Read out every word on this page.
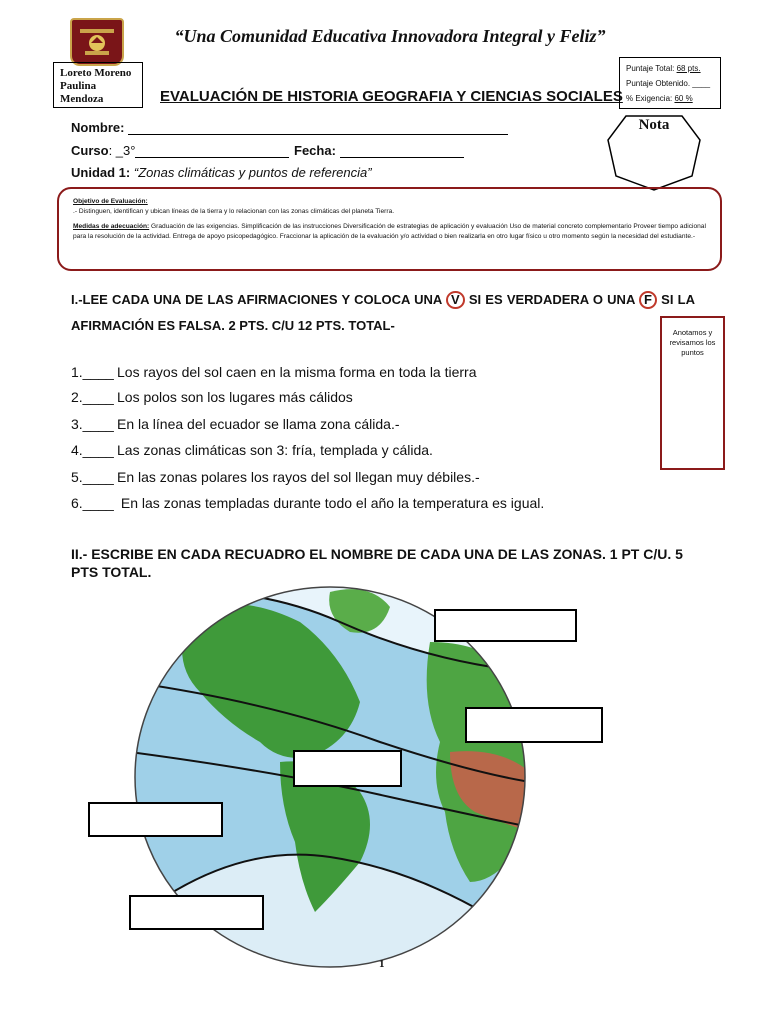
“Una Comunidad Educativa Innovadora Integral y Feliz”
Loreto Moreno
Paulina
Mendoza	EVALUACIÓN DE HISTORIA GEOGRAFIA Y CIENCIAS SOCIALES
Puntaje Total: 68 pts.
Puntaje Obtenido. ____
% Exigencia: 60 %
Nota
Nombre:
Curso: _3°	Fecha:
Unidad 1: “Zonas climáticas y puntos de referencia”
Objetivo de Evaluación:
.- Distinguen, identifican y ubican líneas de la tierra y lo relacionan con las zonas climáticas del planeta Tierra.
Medidas de adecuación: Graduación de las exigencias. Simplificación de las instrucciones Diversificación de estrategias de aplicación y evaluación Uso de material concreto complementario Proveer tiempo adicional para la resolución de la actividad. Entrega de apoyo psicopedagógico. Fraccionar la aplicación de la evaluación y/o actividad o bien realizarla en otro lugar físico u otro momento según la necesidad del estudiante.-
I.-LEE CADA UNA DE LAS AFIRMACIONES Y COLOCA UNA V SI ES VERDADERA O UNA F SI LA AFIRMACIÓN ES FALSA. 2 PTS. C/U 12 PTS. TOTAL-	Anotamos y revisamos los puntos
1.____ Los rayos del sol caen en la misma forma en toda la tierra
2.____ Los polos son los lugares más cálidos
3.____ En la línea del ecuador se llama zona cálida.-
4.____ Las zonas climáticas son 3: fría, templada y cálida.
5.____ En las zonas polares los rayos del sol llegan muy débiles.-
6.____ En las zonas templadas durante todo el año la temperatura es igual.
II.- ESCRIBE EN CADA RECUADRO EL NOMBRE DE CADA UNA DE LAS ZONAS. 1 PT C/U. 5 PTS TOTAL.
1
